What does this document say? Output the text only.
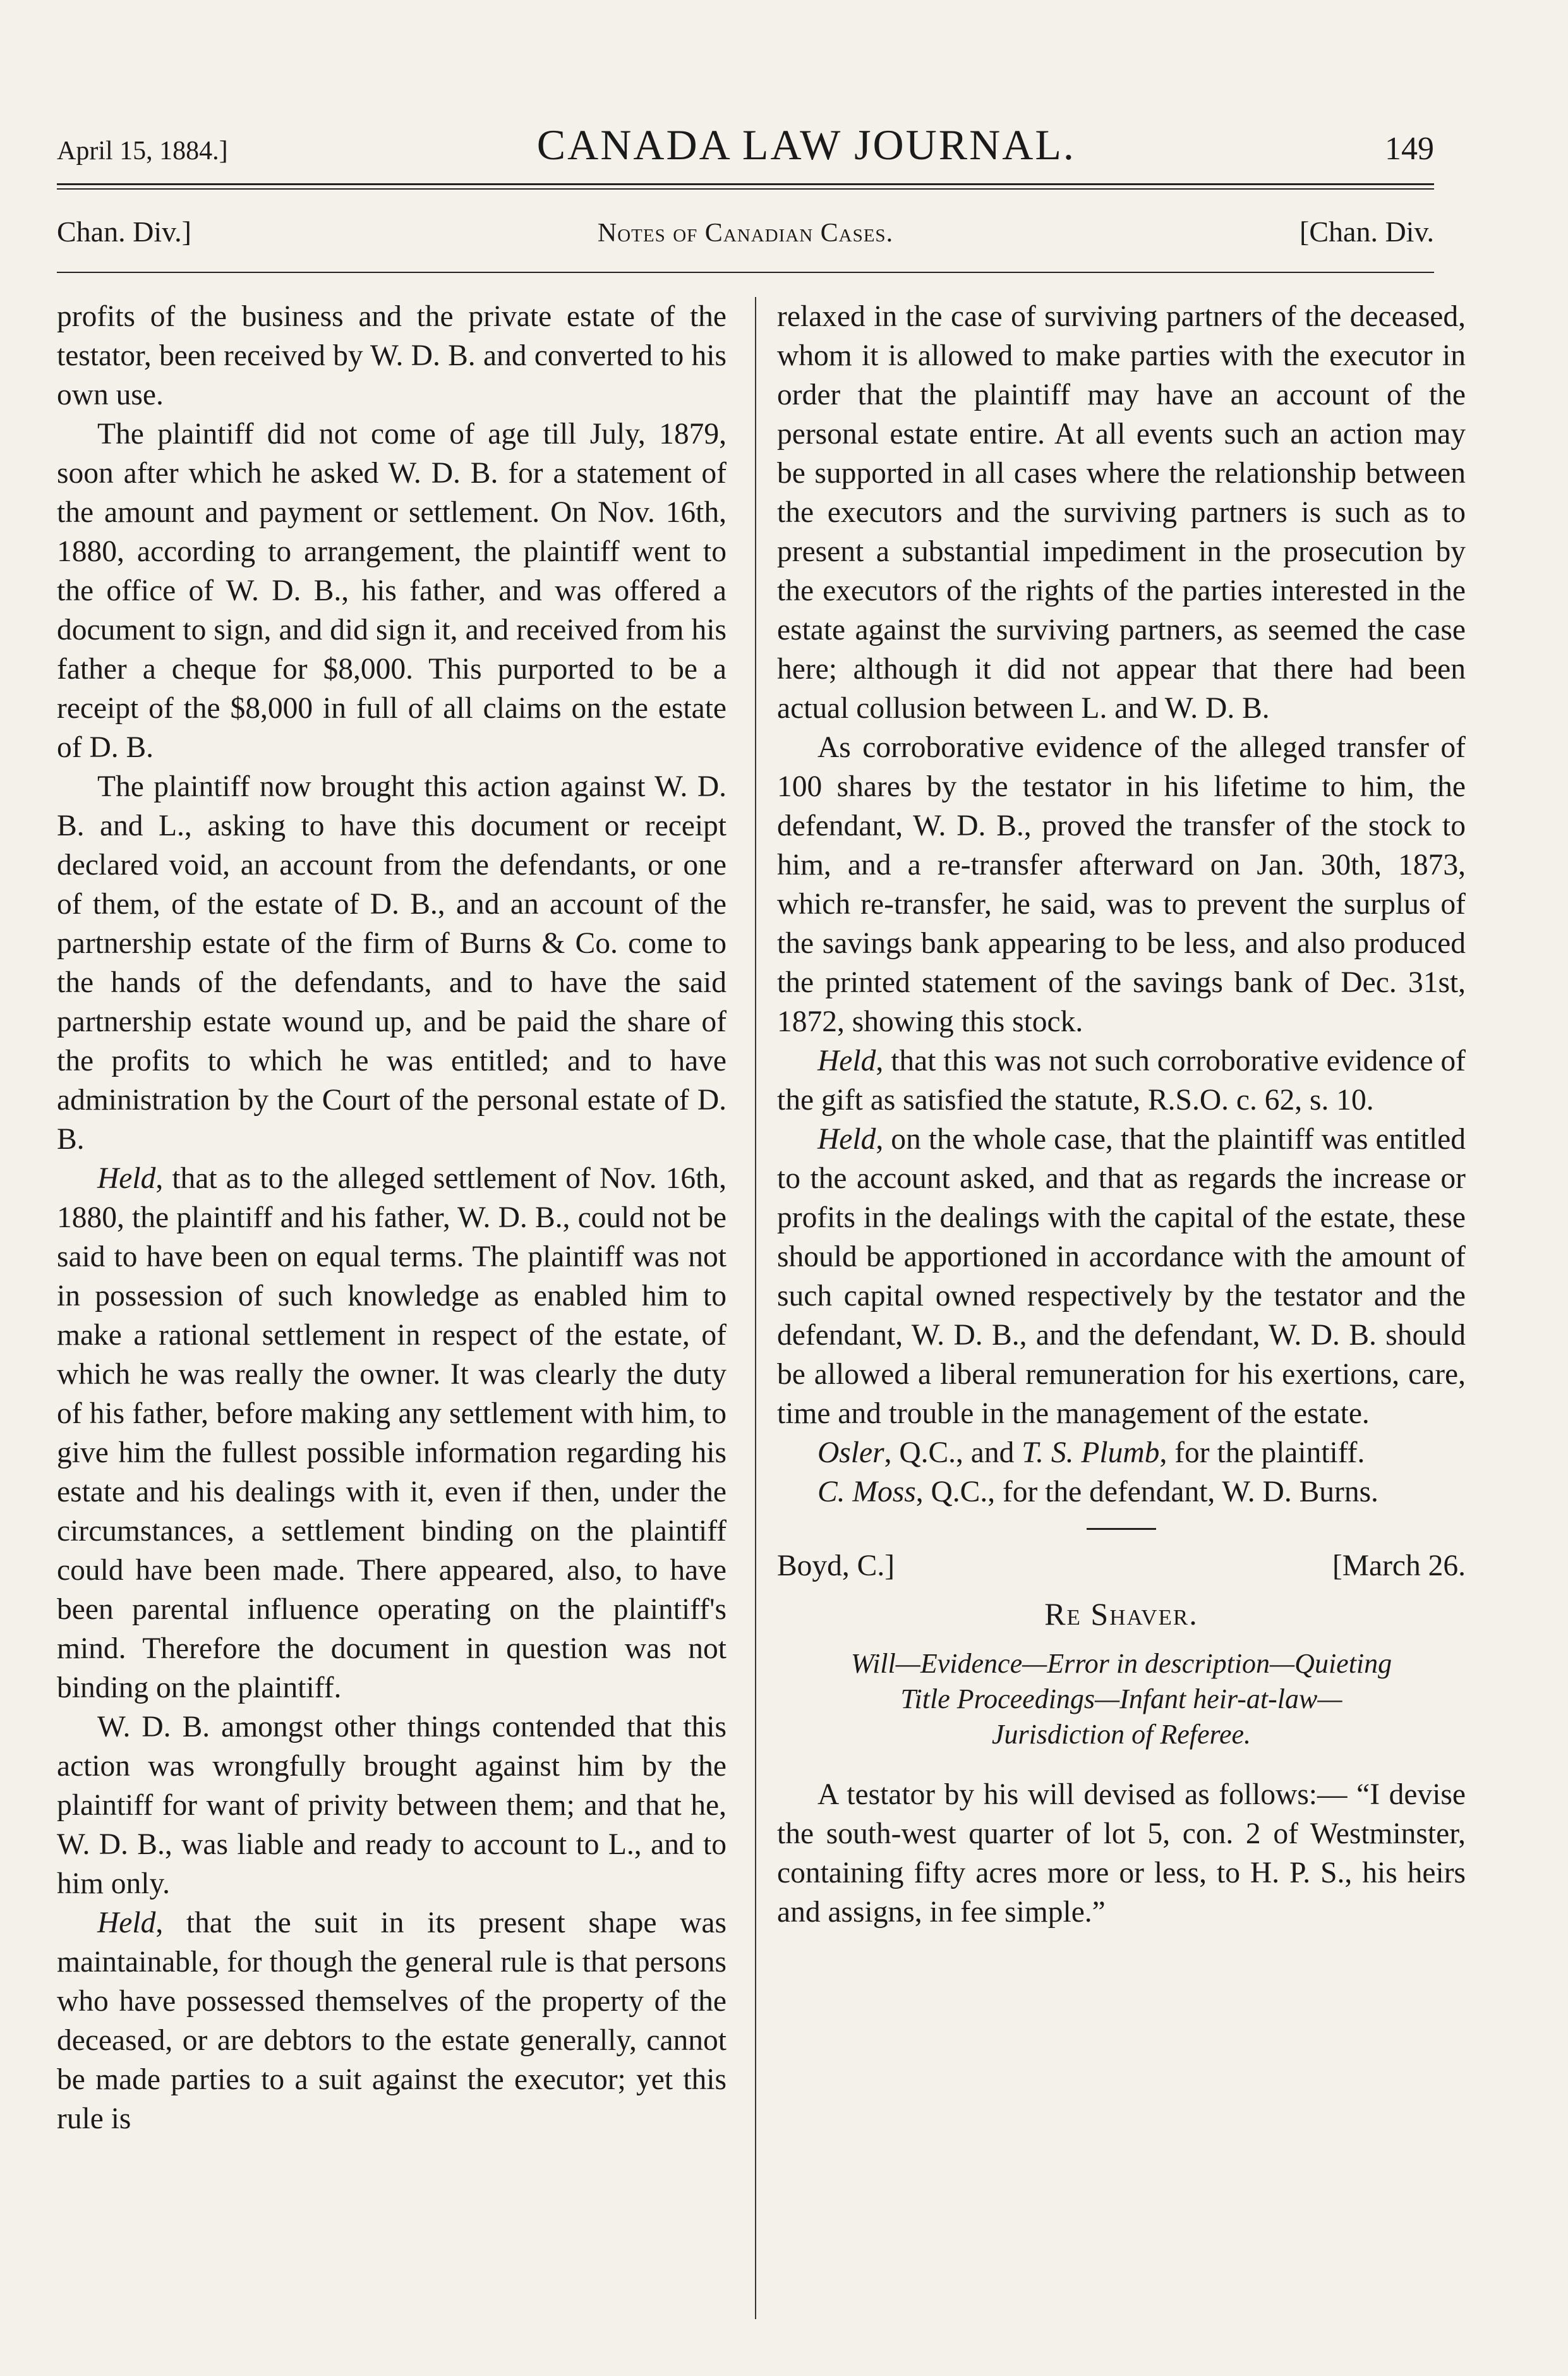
April 15, 1884.]	CANADA LAW JOURNAL.	149
Chan. Div.]	Notes of Canadian Cases.	[Chan. Div.

profits of the business and the private estate of the testator, been received by W. D. B. and converted to his own use.

The plaintiff did not come of age till July, 1879, soon after which he asked W. D. B. for a statement of the amount and payment or settlement. On Nov. 16th, 1880, according to arrangement, the plaintiff went to the office of W. D. B., his father, and was offered a document to sign, and did sign it, and received from his father a cheque for $8,000. This purported to be a receipt of the $8,000 in full of all claims on the estate of D. B.

The plaintiff now brought this action against W. D. B. and L., asking to have this document or receipt declared void, an account from the defendants, or one of them, of the estate of D. B., and an account of the partnership estate of the firm of Burns & Co. come to the hands of the defendants, and to have the said partnership estate wound up, and be paid the share of the profits to which he was entitled; and to have administration by the Court of the personal estate of D. B.

Held, that as to the alleged settlement of Nov. 16th, 1880, the plaintiff and his father, W. D. B., could not be said to have been on equal terms. The plaintiff was not in possession of such knowledge as enabled him to make a rational settlement in respect of the estate, of which he was really the owner. It was clearly the duty of his father, before making any settlement with him, to give him the fullest possible information regarding his estate and his dealings with it, even if then, under the circumstances, a settlement binding on the plaintiff could have been made. There appeared, also, to have been parental influence operating on the plaintiff's mind. Therefore the document in question was not binding on the plaintiff.

W. D. B. amongst other things contended that this action was wrongfully brought against him by the plaintiff for want of privity between them; and that he, W. D. B., was liable and ready to account to L., and to him only.

Held, that the suit in its present shape was maintainable, for though the general rule is that persons who have possessed themselves of the property of the deceased, or are debtors to the estate generally, cannot be made parties to a suit against the executor; yet this rule is

relaxed in the case of surviving partners of the deceased, whom it is allowed to make parties with the executor in order that the plaintiff may have an account of the personal estate entire. At all events such an action may be supported in all cases where the relationship between the executors and the surviving partners is such as to present a substantial impediment in the prosecution by the executors of the rights of the parties interested in the estate against the surviving partners, as seemed the case here; although it did not appear that there had been actual collusion between L. and W. D. B.

As corroborative evidence of the alleged transfer of 100 shares by the testator in his lifetime to him, the defendant, W. D. B., proved the transfer of the stock to him, and a re-transfer afterward on Jan. 30th, 1873, which re-transfer, he said, was to prevent the surplus of the savings bank appearing to be less, and also produced the printed statement of the savings bank of Dec. 31st, 1872, showing this stock.

Held, that this was not such corroborative evidence of the gift as satisfied the statute, R.S.O. c. 62, s. 10.

Held, on the whole case, that the plaintiff was entitled to the account asked, and that as regards the increase or profits in the dealings with the capital of the estate, these should be apportioned in accordance with the amount of such capital owned respectively by the testator and the defendant, W. D. B., and the defendant, W. D. B. should be allowed a liberal remuneration for his exertions, care, time and trouble in the management of the estate.

Osler, Q.C., and T. S. Plumb, for the plaintiff.

C. Moss, Q.C., for the defendant, W. D. Burns.

Boyd, C.]	[March 26.
Re Shaver.
Will—Evidence—Error in description—Quieting
Title Proceedings—Infant heir-at-law—
Jurisdiction of Referee.

A testator by his will devised as follows:— “I devise the south-west quarter of lot 5, con. 2 of Westminster, containing fifty acres more or less, to H. P. S., his heirs and assigns, in fee simple.”
